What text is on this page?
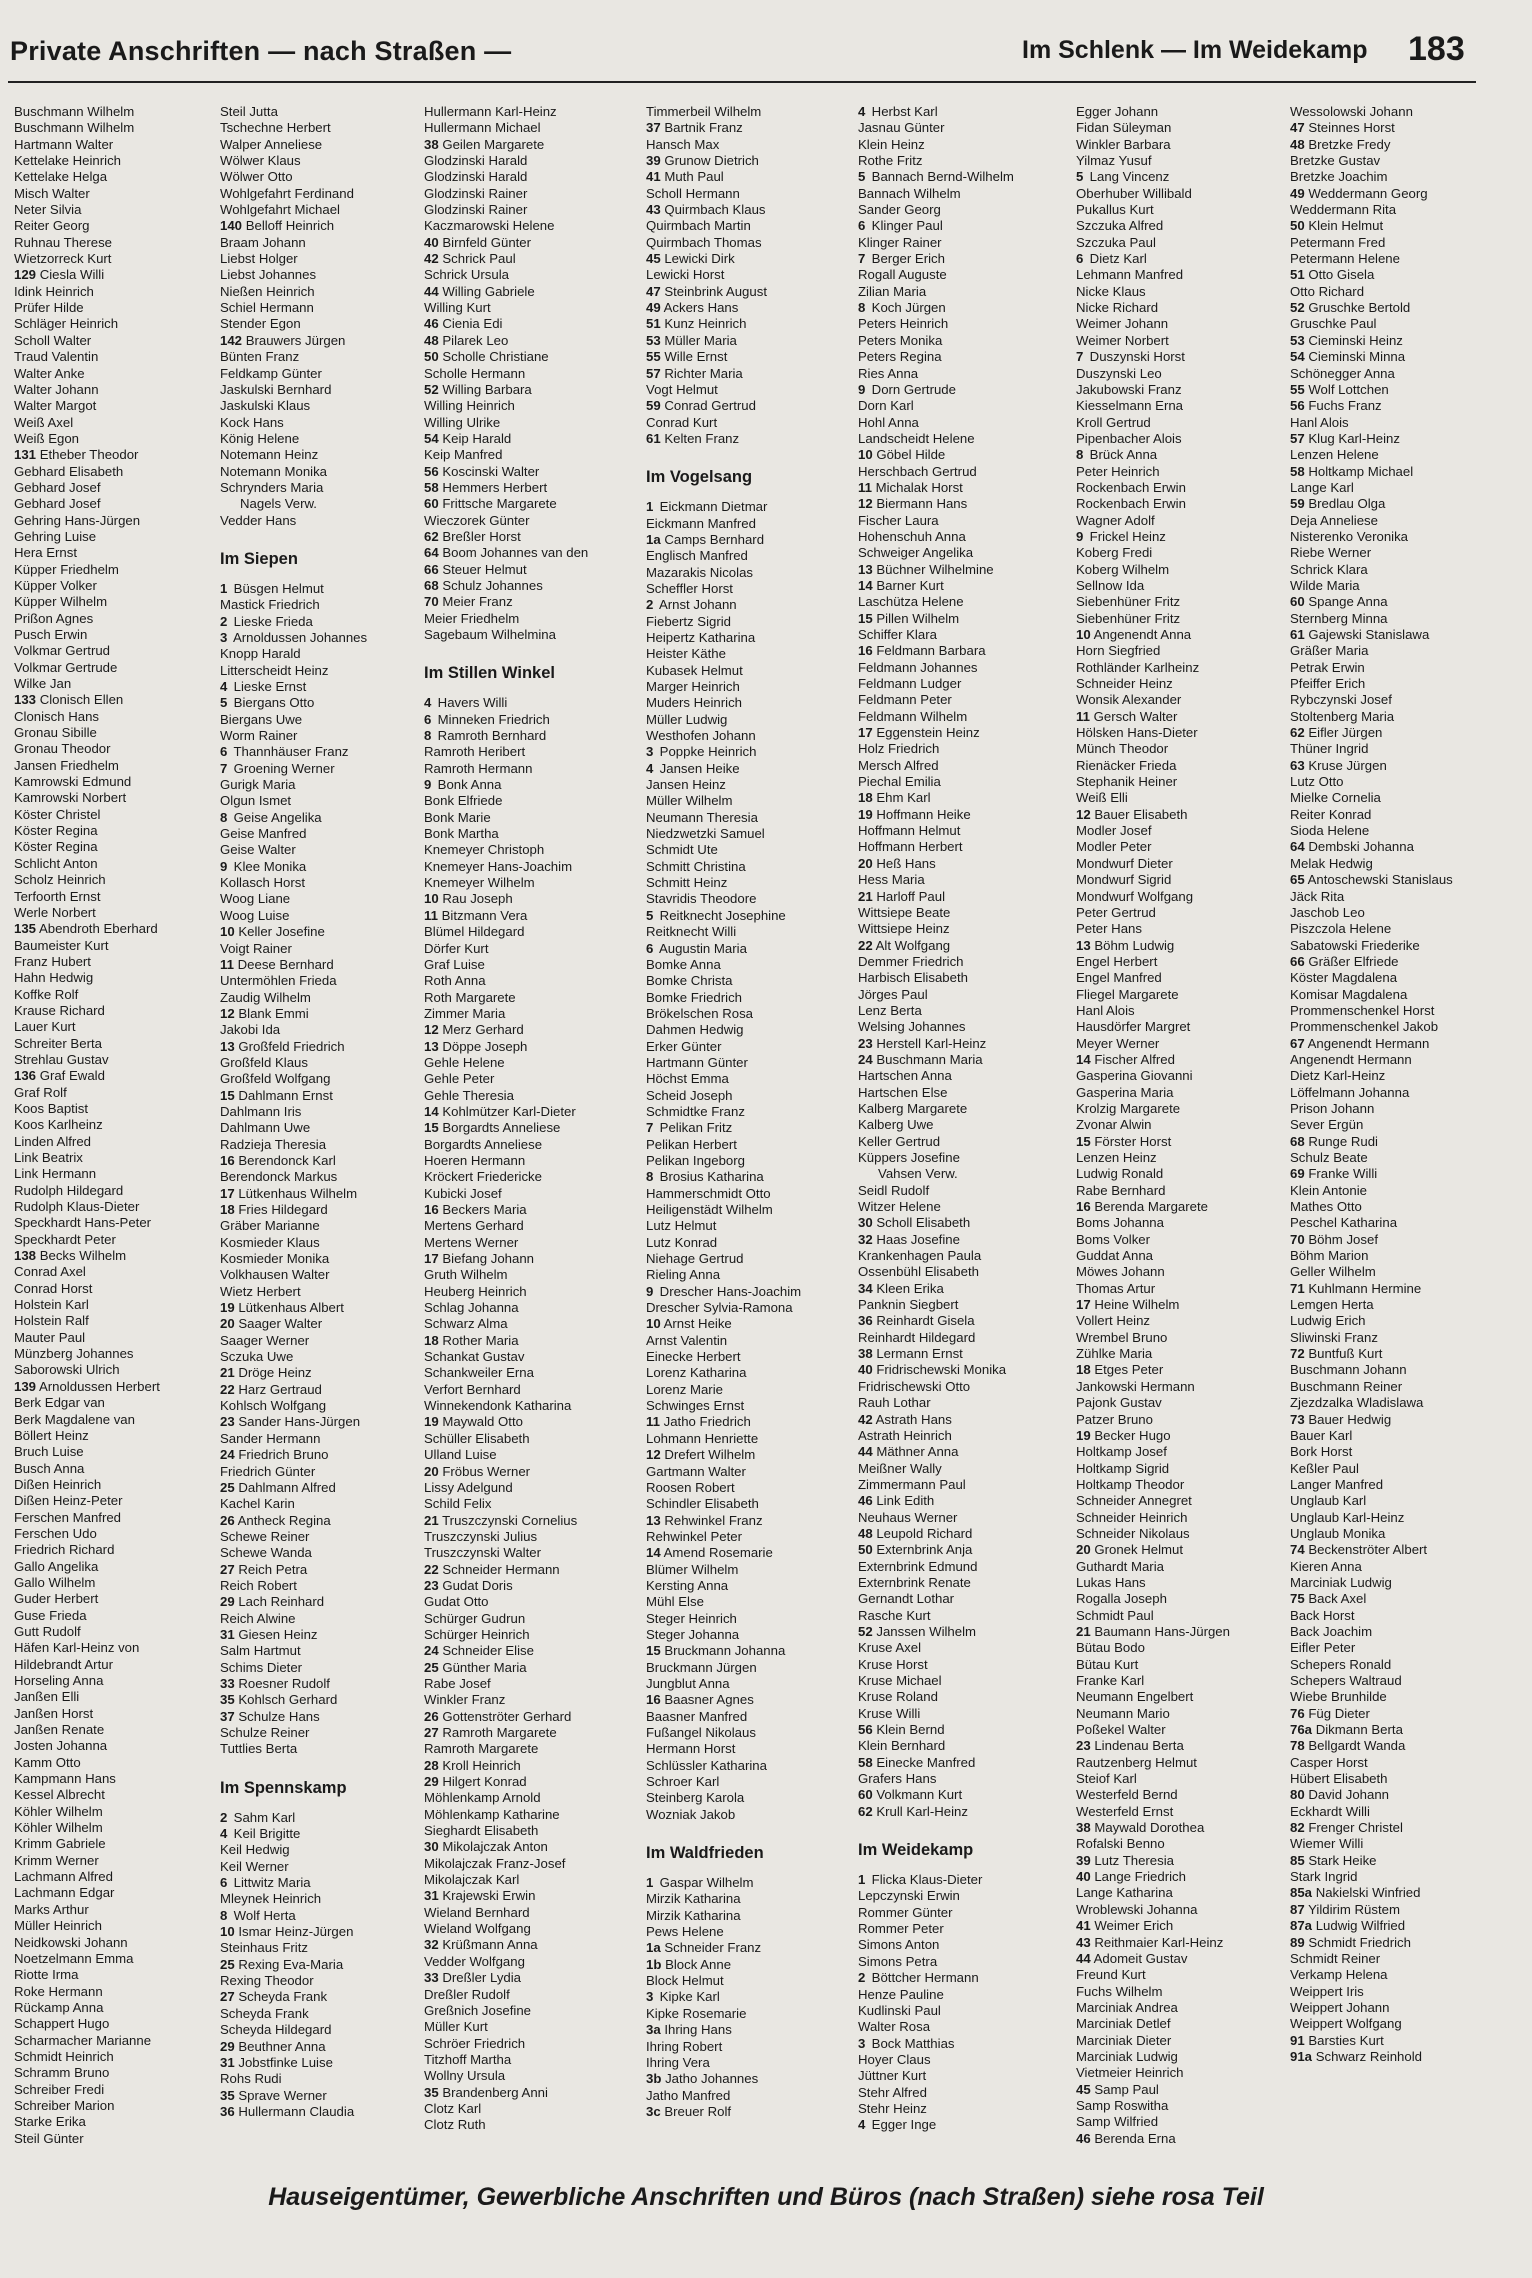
Private Anschriften — nach Straßen —	Im Schlenk — Im Weidekamp 183
Buschmann Wilhelm
Buschmann Wilhelm
Hartmann Walter
Kettelake Heinrich
Kettelake Helga
Misch Walter
Neter Silvia
Reiter Georg
Ruhnau Therese
Wietzorreck Kurt
129 Ciesla Willi
Idink Heinrich
Prüfer Hilde
Schläger Heinrich
Scholl Walter
Traud Valentin
Walter Anke
Walter Johann
Walter Margot
Weiß Axel
Weiß Egon
131 Etheber Theodor
Gebhard Elisabeth
Gebhard Josef
Gebhard Josef
Gehring Hans-Jürgen
Gehring Luise
Hera Ernst
Küpper Friedhelm
Küpper Volker
Küpper Wilhelm
Prißon Agnes
Pusch Erwin
Volkmar Gertrud
Volkmar Gertrude
Wilke Jan
133 Clonisch Ellen
Clonisch Hans
Gronau Sibille
Gronau Theodor
Jansen Friedhelm
Kamrowski Edmund
Kamrowski Norbert
Köster Christel
Köster Regina
Köster Regina
Schlicht Anton
Scholz Heinrich
Terfoorth Ernst
Werle Norbert
135 Abendroth Eberhard
Baumeister Kurt
Franz Hubert
Hahn Hedwig
Koffke Rolf
Krause Richard
Lauer Kurt
Schreiter Berta
Strehlau Gustav
136 Graf Ewald
Graf Rolf
Koos Baptist
Koos Karlheinz
Linden Alfred
Link Beatrix
Link Hermann
Rudolph Hildegard
Rudolph Klaus-Dieter
Speckhardt Hans-Peter
Speckhardt Peter
138 Becks Wilhelm
Conrad Axel
Conrad Horst
Holstein Karl
Holstein Ralf
Mauter Paul
Münzberg Johannes
Saborowski Ulrich
139 Arnoldussen Herbert
Berk Edgar van
Berk Magdalene van
Böllert Heinz
Bruch Luise
Busch Anna
Dißen Heinrich
Dißen Heinz-Peter
Ferschen Manfred
Ferschen Udo
Friedrich Richard
Gallo Angelika
Gallo Wilhelm
Guder Herbert
Guse Frieda
Gutt Rudolf
Häfen Karl-Heinz von
Hildebrandt Artur
Horseling Anna
Janßen Elli
Janßen Horst
Janßen Renate
Josten Johanna
Kamm Otto
Kampmann Hans
Kessel Albrecht
Köhler Wilhelm
Köhler Wilhelm
Krimm Gabriele
Krimm Werner
Lachmann Alfred
Lachmann Edgar
Marks Arthur
Müller Heinrich
Neidkowski Johann
Noetzelmann Emma
Riotte Irma
Roke Hermann
Rückamp Anna
Schappert Hugo
Scharmacher Marianne
Schmidt Heinrich
Schramm Bruno
Schreiber Fredi
Schreiber Marion
Starke Erika
Steil Günter
Steil Jutta
Tschechne Herbert
Walper Anneliese
Wölwer Klaus
Wölwer Otto
Wohlgefahrt Ferdinand
Wohlgefahrt Michael
140 Belloff Heinrich
Braam Johann
Liebst Holger
Liebst Johannes
Nießen Heinrich
Schiel Hermann
Stender Egon
142 Brauwers Jürgen
Bünten Franz
Feldkamp Günter
Jaskulski Bernhard
Jaskulski Klaus
Kock Hans
König Helene
Notemann Heinz
Notemann Monika
Schrynders Maria
Nagels Verw.
Vedder Hans
Im Siepen
1 Büsgen Helmut
Mastick Friedrich
2 Lieske Frieda
3 Arnoldussen Johannes
Knopp Harald
Litterscheidt Heinz
4 Lieske Ernst
5 Biergans Otto
Biergans Uwe
Worm Rainer
6 Thannhäuser Franz
7 Groening Werner
Gurigk Maria
Olgun Ismet
8 Geise Angelika
Geise Manfred
Geise Walter
9 Klee Monika
Kollasch Horst
Woog Liane
Woog Luise
10 Keller Josefine
Voigt Rainer
11 Deese Bernhard
Untermöhlen Frieda
Zaudig Wilhelm
12 Blank Emmi
Jakobi Ida
13 Großfeld Friedrich
Großfeld Klaus
Großfeld Wolfgang
15 Dahlmann Ernst
Dahlmann Iris
Dahlmann Uwe
Radzieja Theresia
16 Berendonck Karl
Berendonck Markus
17 Lütkenhaus Wilhelm
18 Fries Hildegard
Gräber Marianne
Kosmieder Klaus
Kosmieder Monika
Volkhausen Walter
Wietz Herbert
19 Lütkenhaus Albert
20 Saager Walter
Saager Werner
Sczuka Uwe
21 Dröge Heinz
22 Harz Gertraud
Kohlsch Wolfgang
23 Sander Hans-Jürgen
Sander Hermann
24 Friedrich Bruno
Friedrich Günter
25 Dahlmann Alfred
Kachel Karin
26 Antheck Regina
Schewe Reiner
Schewe Wanda
27 Reich Petra
Reich Robert
29 Lach Reinhard
Reich Alwine
31 Giesen Heinz
Salm Hartmut
Schims Dieter
33 Roesner Rudolf
35 Kohlsch Gerhard
37 Schulze Hans
Schulze Reiner
Tuttlies Berta
Im Spennskamp
2 Sahm Karl
4 Keil Brigitte
Keil Hedwig
Keil Werner
6 Littwitz Maria
Mleynek Heinrich
8 Wolf Herta
10 Ismar Heinz-Jürgen
Steinhaus Fritz
25 Rexing Eva-Maria
Rexing Theodor
27 Scheyda Frank
Scheyda Frank
Scheyda Hildegard
29 Beuthner Anna
31 Jobstfinke Luise
Rohs Rudi
35 Sprave Werner
36 Hullermann Claudia
Hullermann Karl-Heinz
Hullermann Michael
38 Geilen Margarete
Glodzinski Harald
Glodzinski Harald
Glodzinski Rainer
Glodzinski Rainer
Kaczmarowski Helene
40 Birnfeld Günter
42 Schrick Paul
Schrick Ursula
44 Willing Gabriele
Willing Kurt
46 Cienia Edi
48 Pilarek Leo
50 Scholle Christiane
Scholle Hermann
52 Willing Barbara
Willing Heinrich
Willing Ulrike
54 Keip Harald
Keip Manfred
56 Koscinski Walter
58 Hemmers Herbert
60 Frittsche Margarete
Wieczorek Günter
62 Breßler Horst
64 Boom Johannes van den
66 Steuer Helmut
68 Schulz Johannes
70 Meier Franz
Meier Friedhelm
Sagebaum Wilhelmina
Im Stillen Winkel
4 Havers Willi
6 Minneken Friedrich
8 Ramroth Bernhard
Ramroth Heribert
Ramroth Hermann
9 Bonk Anna
Bonk Elfriede
Bonk Marie
Bonk Martha
Knemeyer Christoph
Knemeyer Hans-Joachim
Knemeyer Wilhelm
10 Rau Joseph
11 Bitzmann Vera
Blümel Hildegard
Dörfer Kurt
Graf Luise
Roth Anna
Roth Margarete
Zimmer Maria
12 Merz Gerhard
13 Döppe Joseph
Gehle Helene
Gehle Peter
Gehle Theresia
14 Kohlmützer Karl-Dieter
15 Borgardts Anneliese
Borgardts Anneliese
Hoeren Hermann
Kröckert Friedericke
Kubicki Josef
16 Beckers Maria
Mertens Gerhard
Mertens Werner
17 Biefang Johann
Gruth Wilhelm
Heuberg Heinrich
Schlag Johanna
Schwarz Alma
18 Rother Maria
Schankat Gustav
Schankweiler Erna
Verfort Bernhard
Winnekendonk Katharina
19 Maywald Otto
Schüller Elisabeth
Ulland Luise
20 Fröbus Werner
Lissy Adelgund
Schild Felix
21 Truszczynski Cornelius
Truszczynski Julius
Truszczynski Walter
22 Schneider Hermann
23 Gudat Doris
Gudat Otto
Schürger Gudrun
Schürger Heinrich
24 Schneider Elise
25 Günther Maria
Rabe Josef
Winkler Franz
26 Gottenströter Gerhard
27 Ramroth Margarete
Ramroth Margarete
28 Kroll Heinrich
29 Hilgert Konrad
Möhlenkamp Arnold
Möhlenkamp Katharine
Sieghardt Elisabeth
30 Mikolajczak Anton
Mikolajczak Franz-Josef
Mikolajczak Karl
31 Krajewski Erwin
Wieland Bernhard
Wieland Wolfgang
32 Krüßmann Anna
Vedder Wolfgang
33 Dreßler Lydia
Dreßler Rudolf
Greßnich Josefine
Müller Kurt
Schröer Friedrich
Titzhoff Martha
Wollny Ursula
35 Brandenberg Anni
Clotz Karl
Clotz Ruth
Timmerbeil Wilhelm
37 Bartnik Franz
Hansch Max
39 Grunow Dietrich
41 Muth Paul
Scholl Hermann
43 Quirmbach Klaus
Quirmbach Martin
Quirmbach Thomas
45 Lewicki Dirk
Lewicki Horst
47 Steinbrink August
49 Ackers Hans
51 Kunz Heinrich
53 Müller Maria
55 Wille Ernst
57 Richter Maria
Vogt Helmut
59 Conrad Gertrud
Conrad Kurt
61 Kelten Franz
Im Vogelsang
1 Eickmann Dietmar
Eickmann Manfred
1a Camps Bernhard
Englisch Manfred
Mazarakis Nicolas
Scheffler Horst
2 Arnst Johann
Fiebertz Sigrid
Heipertz Katharina
Heister Käthe
Kubasek Helmut
Marger Heinrich
Muders Heinrich
Müller Ludwig
Westhofen Johann
3 Poppke Heinrich
4 Jansen Heike
Jansen Heinz
Müller Wilhelm
Neumann Theresia
Niedzwetzki Samuel
Schmidt Ute
Schmitt Christina
Schmitt Heinz
Stavridis Theodore
5 Reitknecht Josephine
Reitknecht Willi
6 Augustin Maria
Bomke Anna
Bomke Christa
Bomke Friedrich
Brökelschen Rosa
Dahmen Hedwig
Erker Günter
Hartmann Günter
Höchst Emma
Scheid Joseph
Schmidtke Franz
7 Pelikan Fritz
Pelikan Herbert
Pelikan Ingeborg
8 Brosius Katharina
Hammerschmidt Otto
Heiligenstädt Wilhelm
Lutz Helmut
Lutz Konrad
Niehage Gertrud
Rieling Anna
9 Drescher Hans-Joachim
Drescher Sylvia-Ramona
10 Arnst Heike
Arnst Valentin
Einecke Herbert
Lorenz Katharina
Lorenz Marie
Schwinges Ernst
11 Jatho Friedrich
Lohmann Henriette
12 Drefert Wilhelm
Gartmann Walter
Roosen Robert
Schindler Elisabeth
13 Rehwinkel Franz
Rehwinkel Peter
14 Amend Rosemarie
Blümer Wilhelm
Kersting Anna
Mühl Else
Steger Heinrich
Steger Johanna
15 Bruckmann Johanna
Bruckmann Jürgen
Jungblut Anna
16 Baasner Agnes
Baasner Manfred
Fußangel Nikolaus
Hermann Horst
Schlüssler Katharina
Schroer Karl
Steinberg Karola
Wozniak Jakob
Im Waldfrieden
1 Gaspar Wilhelm
Mirzik Katharina
Mirzik Katharina
Pews Helene
1a Schneider Franz
1b Block Anne
Block Helmut
3 Kipke Karl
Kipke Rosemarie
3a Ihring Hans
Ihring Robert
Ihring Vera
3b Jatho Johannes
Jatho Manfred
3c Breuer Rolf
4 Herbst Karl
Jasnau Günter
Klein Heinz
Rothe Fritz
5 Bannach Bernd-Wilhelm
Bannach Wilhelm
Sander Georg
6 Klinger Paul
Klinger Rainer
7 Berger Erich
Rogall Auguste
Zilian Maria
8 Koch Jürgen
Peters Heinrich
Peters Monika
Peters Regina
Ries Anna
9 Dorn Gertrude
Dorn Karl
Hohl Anna
Landscheidt Helene
10 Göbel Hilde
Herschbach Gertrud
11 Michalak Horst
12 Biermann Hans
Fischer Laura
Hohenschuh Anna
Schweiger Angelika
13 Büchner Wilhelmine
14 Barner Kurt
Laschütza Helene
15 Pillen Wilhelm
Schiffer Klara
16 Feldmann Barbara
Feldmann Johannes
Feldmann Ludger
Feldmann Peter
Feldmann Wilhelm
17 Eggenstein Heinz
Holz Friedrich
Mersch Alfred
Piechal Emilia
18 Ehm Karl
19 Hoffmann Heike
Hoffmann Helmut
Hoffmann Herbert
20 Heß Hans
Hess Maria
21 Harloff Paul
Wittsiepe Beate
Wittsiepe Heinz
22 Alt Wolfgang
Demmer Friedrich
Harbisch Elisabeth
Jörges Paul
Lenz Berta
Welsing Johannes
23 Herstell Karl-Heinz
24 Buschmann Maria
Hartschen Anna
Hartschen Else
Kalberg Margarete
Kalberg Uwe
Keller Gertrud
Küppers Josefine
Vahsen Verw.
Seidl Rudolf
Witzer Helene
30 Scholl Elisabeth
32 Haas Josefine
Krankenhagen Paula
Ossenbühl Elisabeth
34 Kleen Erika
Panknin Siegbert
36 Reinhardt Gisela
Reinhardt Hildegard
38 Lermann Ernst
40 Fridrischewski Monika
Fridrischewski Otto
Rauh Lothar
42 Astrath Hans
Astrath Heinrich
44 Mäthner Anna
Meißner Wally
Zimmermann Paul
46 Link Edith
Neuhaus Werner
48 Leupold Richard
50 Externbrink Anja
Externbrink Edmund
Externbrink Renate
Gernandt Lothar
Rasche Kurt
52 Janssen Wilhelm
Kruse Axel
Kruse Horst
Kruse Michael
Kruse Roland
Kruse Willi
56 Klein Bernd
Klein Bernhard
58 Einecke Manfred
Grafers Hans
60 Volkmann Kurt
62 Krull Karl-Heinz
Im Weidekamp
1 Flicka Klaus-Dieter
Lepczynski Erwin
Rommer Günter
Rommer Peter
Simons Anton
Simons Petra
2 Böttcher Hermann
Henze Pauline
Kudlinski Paul
Walter Rosa
3 Bock Matthias
Hoyer Claus
Jüttner Kurt
Stehr Alfred
Stehr Heinz
4 Egger Inge
Egger Johann
Fidan Süleyman
Winkler Barbara
Yilmaz Yusuf
5 Lang Vincenz
Oberhuber Willibald
Pukallus Kurt
Szczuka Alfred
Szczuka Paul
6 Dietz Karl
Lehmann Manfred
Nicke Klaus
Nicke Richard
Weimer Johann
Weimer Norbert
7 Duszynski Horst
Duszynski Leo
Jakubowski Franz
Kiesselmann Erna
Kroll Gertrud
Pipenbacher Alois
8 Brück Anna
Peter Heinrich
Rockenbach Erwin
Rockenbach Erwin
Wagner Adolf
9 Frickel Heinz
Koberg Fredi
Koberg Wilhelm
Sellnow Ida
Siebenhüner Fritz
Siebenhüner Fritz
10 Angenendt Anna
Horn Siegfried
Rothländer Karlheinz
Schneider Heinz
Wonsik Alexander
11 Gersch Walter
Hölsken Hans-Dieter
Münch Theodor
Rienäcker Frieda
Stephanik Heiner
Weiß Elli
12 Bauer Elisabeth
Modler Josef
Modler Peter
Mondwurf Dieter
Mondwurf Sigrid
Mondwurf Wolfgang
Peter Gertrud
Peter Hans
13 Böhm Ludwig
Engel Herbert
Engel Manfred
Fliegel Margarete
Hanl Alois
Hausdörfer Margret
Meyer Werner
14 Fischer Alfred
Gasperina Giovanni
Gasperina Maria
Krolzig Margarete
Zvonar Alwin
15 Förster Horst
Lenzen Heinz
Ludwig Ronald
Rabe Bernhard
16 Berenda Margarete
Boms Johanna
Boms Volker
Guddat Anna
Möwes Johann
Thomas Artur
17 Heine Wilhelm
Vollert Heinz
Wrembel Bruno
Zühlke Maria
18 Etges Peter
Jankowski Hermann
Pajonk Gustav
Patzer Bruno
19 Becker Hugo
Holtkamp Josef
Holtkamp Sigrid
Holtkamp Theodor
Schneider Annegret
Schneider Heinrich
Schneider Nikolaus
20 Gronek Helmut
Guthardt Maria
Lukas Hans
Rogalla Joseph
Schmidt Paul
21 Baumann Hans-Jürgen
Bütau Bodo
Bütau Kurt
Franke Karl
Neumann Engelbert
Neumann Mario
Poßekel Walter
23 Lindenau Berta
Rautzenberg Helmut
Steiof Karl
Westerfeld Bernd
Westerfeld Ernst
38 Maywald Dorothea
Rofalski Benno
39 Lutz Theresia
40 Lange Friedrich
Lange Katharina
Wroblewski Johanna
41 Weimer Erich
43 Reithmaier Karl-Heinz
44 Adomeit Gustav
Freund Kurt
Fuchs Wilhelm
Marciniak Andrea
Marciniak Detlef
Marciniak Dieter
Marciniak Ludwig
Vietmeier Heinrich
45 Samp Paul
Samp Roswitha
Samp Wilfried
46 Berenda Erna
Wessolowski Johann
47 Steinnes Horst
48 Bretzke Fredy
Bretzke Gustav
Bretzke Joachim
49 Weddermann Georg
Weddermann Rita
50 Klein Helmut
Petermann Fred
Petermann Helene
51 Otto Gisela
Otto Richard
52 Gruschke Bertold
Gruschke Paul
53 Cieminski Heinz
54 Cieminski Minna
Schönegger Anna
55 Wolf Lottchen
56 Fuchs Franz
Hanl Alois
57 Klug Karl-Heinz
Lenzen Helene
58 Holtkamp Michael
Lange Karl
59 Bredlau Olga
Deja Anneliese
Nisterenko Veronika
Riebe Werner
Schrick Klara
Wilde Maria
60 Spange Anna
Sternberg Minna
61 Gajewski Stanislawa
Gräßer Maria
Petrak Erwin
Pfeiffer Erich
Rybczynski Josef
Stoltenberg Maria
62 Eifler Jürgen
Thüner Ingrid
63 Kruse Jürgen
Lutz Otto
Mielke Cornelia
Reiter Konrad
Sioda Helene
64 Dembski Johanna
Melak Hedwig
65 Antoschewski Stanislaus
Jäck Rita
Jaschob Leo
Piszczola Helene
Sabatowski Friederike
66 Gräßer Elfriede
Köster Magdalena
Komisar Magdalena
Prommenschenkel Horst
Prommenschenkel Jakob
67 Angenendt Hermann
Angenendt Hermann
Dietz Karl-Heinz
Löffelmann Johanna
Prison Johann
Sever Ergün
68 Runge Rudi
Schulz Beate
69 Franke Willi
Klein Antonie
Mathes Otto
Peschel Katharina
70 Böhm Josef
Böhm Marion
Geller Wilhelm
71 Kuhlmann Hermine
Lemgen Herta
Ludwig Erich
Sliwinski Franz
72 Buntfuß Kurt
Buschmann Johann
Buschmann Reiner
Zjezdzalka Wladislawa
73 Bauer Hedwig
Bauer Karl
Bork Horst
Keßler Paul
Langer Manfred
Unglaub Karl
Unglaub Karl-Heinz
Unglaub Monika
74 Beckenströter Albert
Kieren Anna
Marciniak Ludwig
75 Back Axel
Back Horst
Back Joachim
Eifler Peter
Schepers Ronald
Schepers Waltraud
Wiebe Brunhilde
76 Füg Dieter
76a Dikmann Berta
78 Bellgardt Wanda
Casper Horst
Hübert Elisabeth
80 David Johann
Eckhardt Willi
82 Frenger Christel
Wiemer Willi
85 Stark Heike
Stark Ingrid
85a Nakielski Winfried
87 Yildirim Rüstem
87a Ludwig Wilfried
89 Schmidt Friedrich
Schmidt Reiner
Verkamp Helena
Weippert Iris
Weippert Johann
Weippert Wolfgang
91 Barsties Kurt
91a Schwarz Reinhold
Hauseigentümer, Gewerbliche Anschriften und Büros (nach Straßen) siehe rosa Teil
